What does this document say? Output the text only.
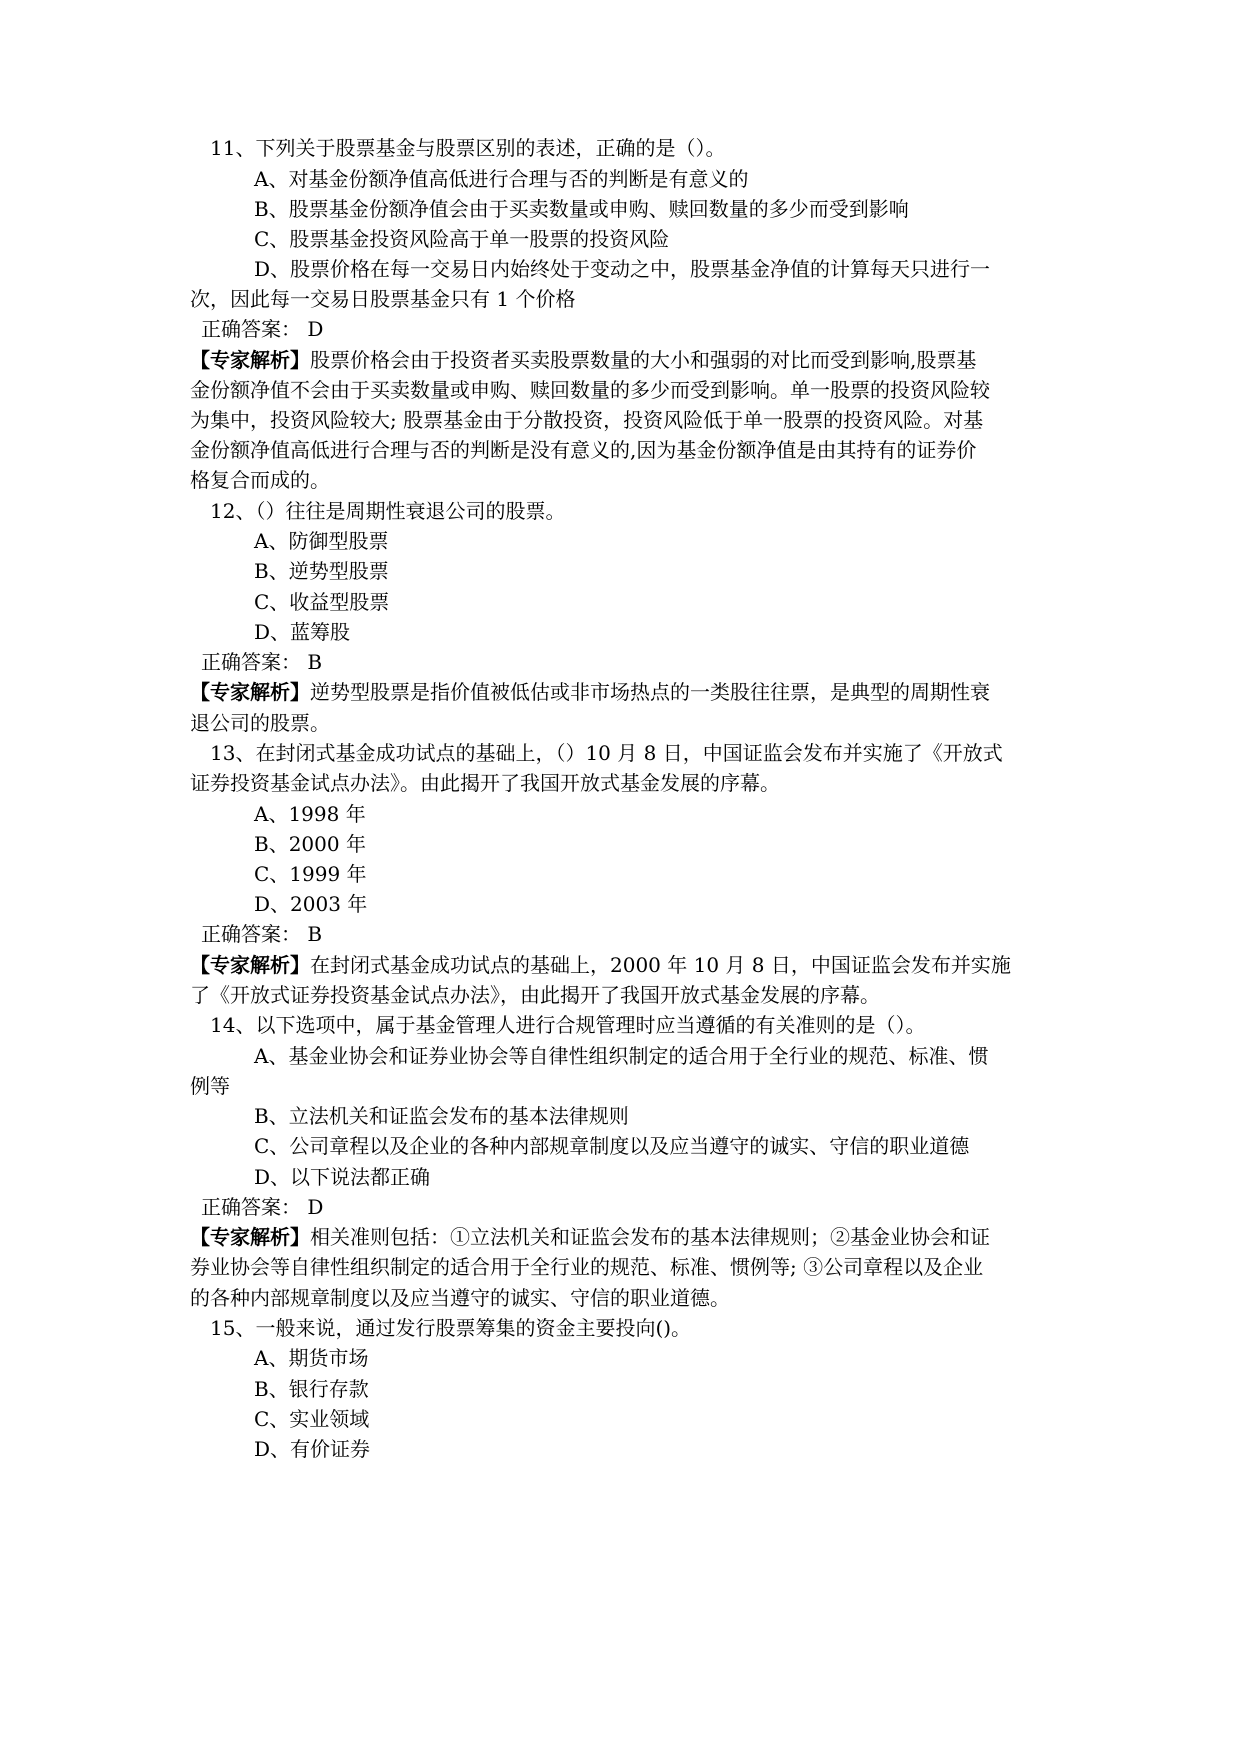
11、下列关于股票基金与股票区别的表述，正确的是（）。
A、对基金份额净值高低进行合理与否的判断是有意义的
B、股票基金份额净值会由于买卖数量或申购、赎回数量的多少而受到影响
C、股票基金投资风险高于单一股票的投资风险
D、股票价格在每一交易日内始终处于变动之中，股票基金净值的计算每天只进行一
次，因此每一交易日股票基金只有 1 个价格
正确答案： D
【专家解析】股票价格会由于投资者买卖股票数量的大小和强弱的对比而受到影响,股票基
金份额净值不会由于买卖数量或申购、赎回数量的多少而受到影响。单一股票的投资风险较
为集中，投资风险较大; 股票基金由于分散投资，投资风险低于单一股票的投资风险。对基
金份额净值高低进行合理与否的判断是没有意义的,因为基金份额净值是由其持有的证券价
格复合而成的。
12、（）往往是周期性衰退公司的股票。
A、防御型股票
B、逆势型股票
C、收益型股票
D、蓝筹股
正确答案： B
【专家解析】逆势型股票是指价值被低估或非市场热点的一类股往往票，是典型的周期性衰
退公司的股票。
13、在封闭式基金成功试点的基础上，（）10 月 8 日，中国证监会发布并实施了《开放式
证券投资基金试点办法》。由此揭开了我国开放式基金发展的序幕。
A、1998 年
B、2000 年
C、1999 年
D、2003 年
正确答案： B
【专家解析】在封闭式基金成功试点的基础上，2000 年 10 月 8 日，中国证监会发布并实施
了《开放式证券投资基金试点办法》，由此揭开了我国开放式基金发展的序幕。
14、以下选项中，属于基金管理人进行合规管理时应当遵循的有关准则的是（）。
A、基金业协会和证券业协会等自律性组织制定的适合用于全行业的规范、标准、惯
例等
B、立法机关和证监会发布的基本法律规则
C、公司章程以及企业的各种内部规章制度以及应当遵守的诚实、守信的职业道德
D、以下说法都正确
正确答案： D
【专家解析】相关准则包括：①立法机关和证监会发布的基本法律规则；②基金业协会和证
券业协会等自律性组织制定的适合用于全行业的规范、标准、惯例等; ③公司章程以及企业
的各种内部规章制度以及应当遵守的诚实、守信的职业道德。
15、一般来说，通过发行股票筹集的资金主要投向()。
A、期货市场
B、银行存款
C、实业领域
D、有价证券
